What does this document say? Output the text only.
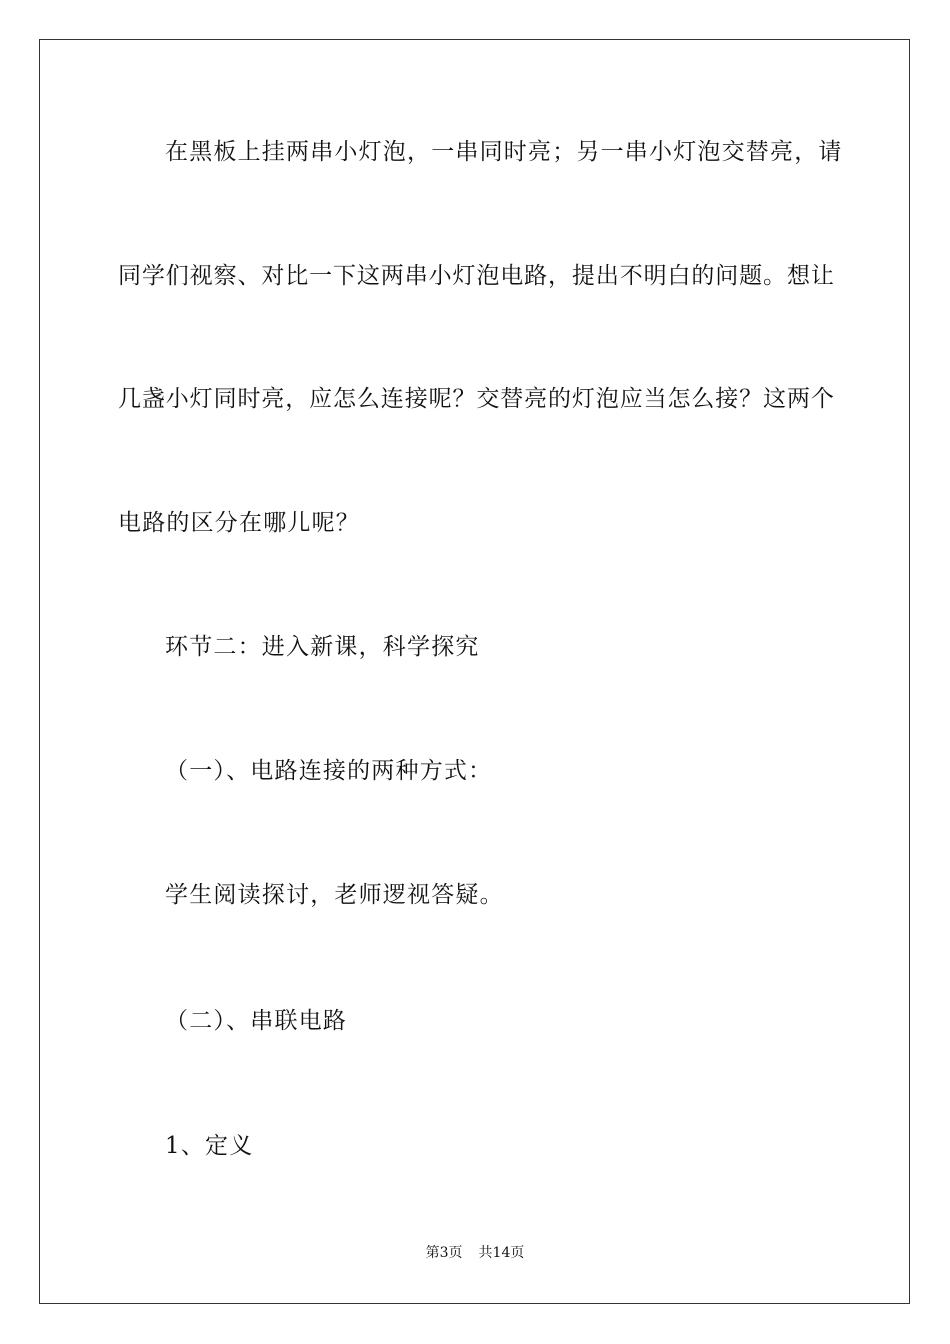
在黑板上挂两串小灯泡，一串同时亮；另一串小灯泡交替亮，请
同 学 们 视 察 、 对 比 一 下 这 两 串 小 灯 泡 电 路 ， 提 出 不 明 白 的 问 题 。 想 让
几 盏 小 灯 同 时 亮 ， 应 怎 么 连 接 呢 ？ 交 替 亮 的 灯 泡 应 当 怎 么 接 ？ 这 两 个
电路的区分在哪儿呢？
环节二：进入新课，科学探究
（一）、电路连接的两种方式：
学生阅读探讨，老师逻视答疑。
（二）、串联电路
1、定义
第3页 共14页
